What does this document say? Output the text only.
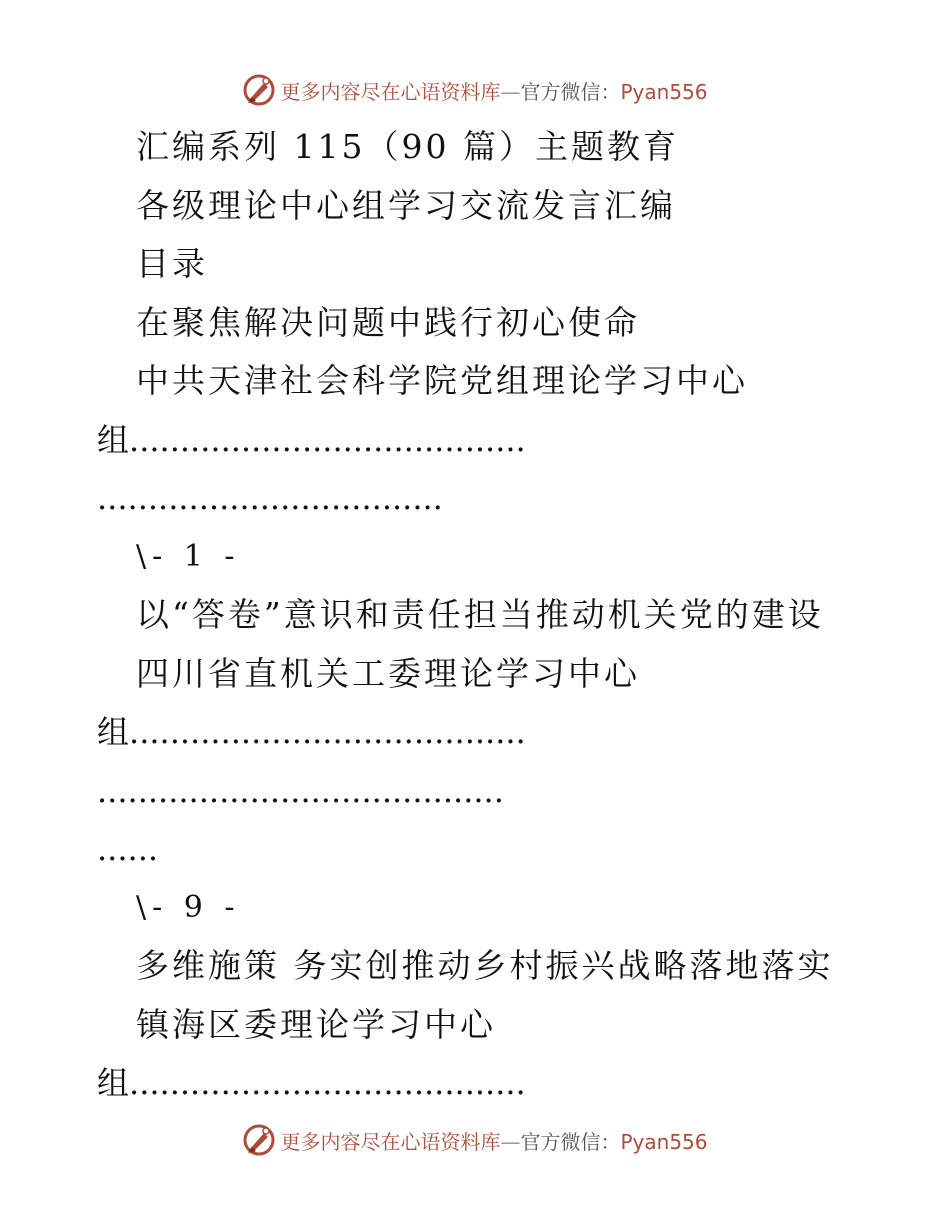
更多内容尽在心语资料库—官方微信：Pyan556
汇编系列 115（90 篇）主题教育
各级理论中心组学习交流发言汇编
目录
在聚焦解决问题中践行初心使命
中共天津社会科学院党组理论学习中心
组.......................................
..................................
\- 1 -
以“答卷”意识和责任担当推动机关党的建设
四川省直机关工委理论学习中心
组.......................................
........................................
......
\- 9 -
多维施策 务实创推动乡村振兴战略落地落实
镇海区委理论学习中心
组.......................................
更多内容尽在心语资料库—官方微信：Pyan556
